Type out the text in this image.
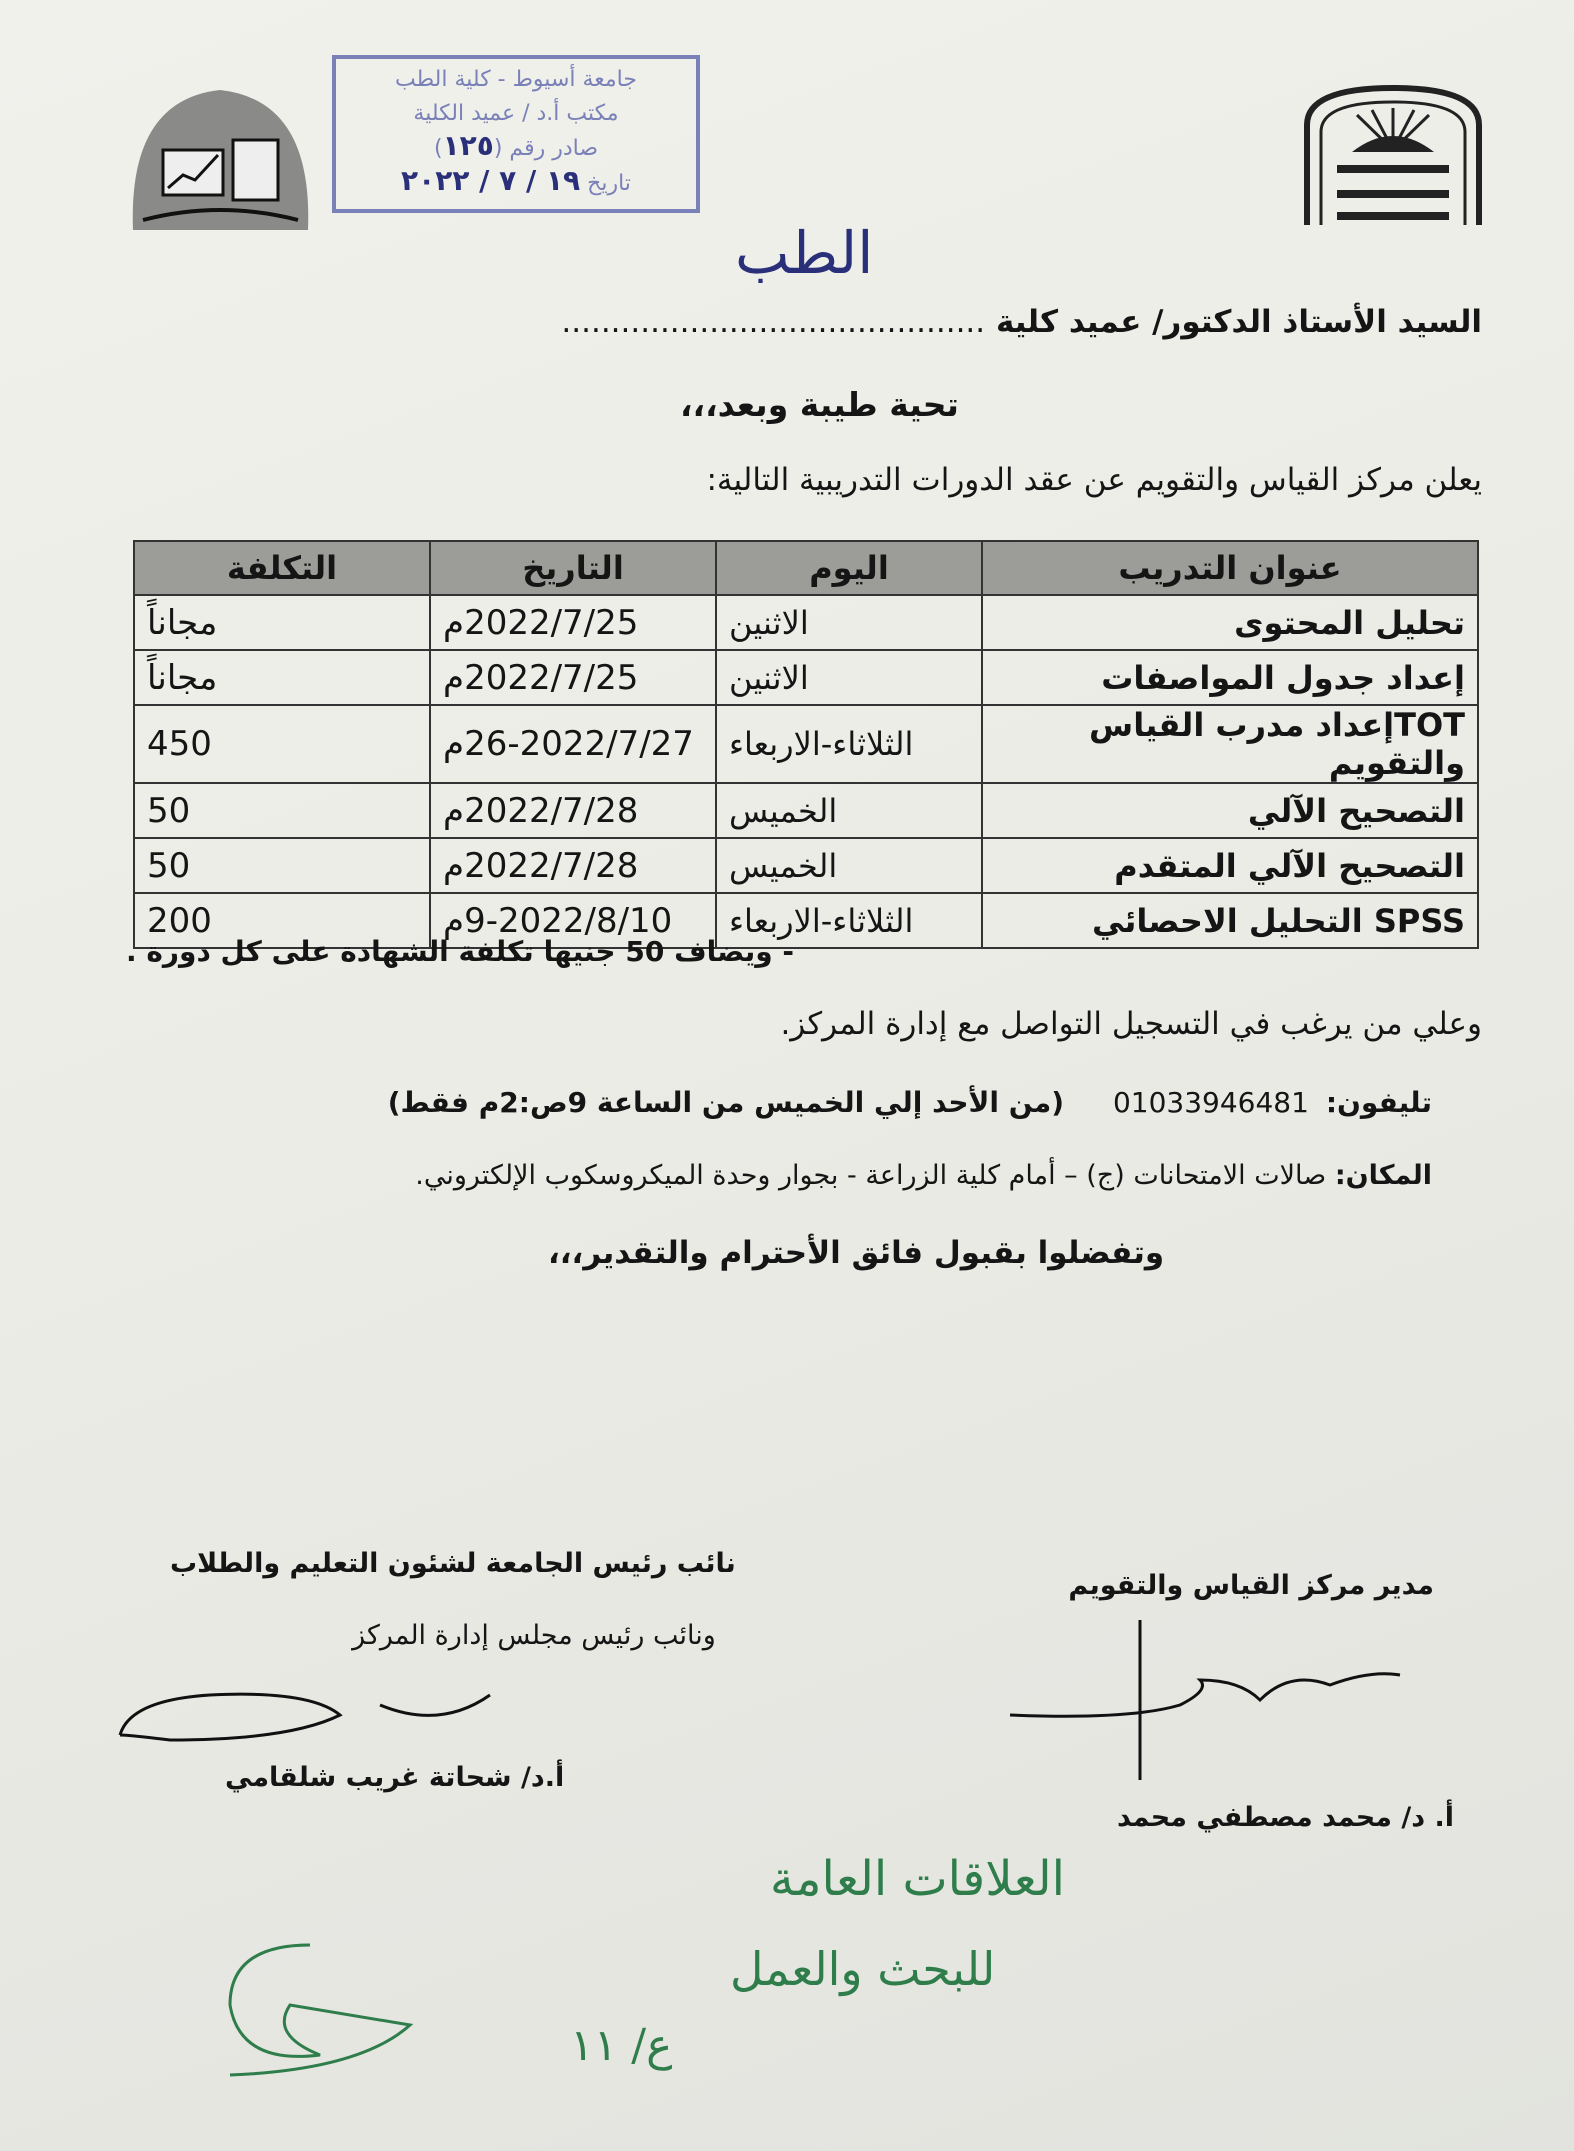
جامعة أسيوط - كلية الطب
مكتب أ.د / عميد الكلية
صادر رقم (١٢٥)
تاريخ ١٩ / ٧ / ٢٠٢٢
السيد الأستاذ الدكتور/ عميد كلية ...........................................
الطب
تحية طيبة وبعد،،،
يعلن مركز القياس والتقويم عن عقد الدورات التدريبية التالية:
عنوان التدريب	اليوم	التاريخ	التكلفة
تحليل المحتوى	الاثنين	2022/7/25م	مجاناً
إعداد جدول المواصفات	الاثنين	2022/7/25م	مجاناً
TOTإعداد مدرب القياس والتقويم	الثلاثاء-الاربعاء	26-2022/7/27م	450
التصحيح الآلي	الخميس	2022/7/28م	50
التصحيح الآلي المتقدم	الخميس	2022/7/28م	50
SPSS التحليل الاحصائي	الثلاثاء-الاربعاء	9-2022/8/10م	200
- ويضاف 50 جنيها تكلفة الشهادة على كل دورة .
وعلي من يرغب في التسجيل التواصل مع إدارة المركز.
تليفون: 01033946481 (من الأحد إلي الخميس من الساعة 9ص:2م فقط)
المكان: صالات الامتحانات (ج) – أمام كلية الزراعة - بجوار وحدة الميكروسكوب الإلكتروني.
وتفضلوا بقبول فائق الأحترام والتقدير،،،
مدير مركز القياس والتقويم
أ. د/ محمد مصطفي محمد
نائب رئيس الجامعة لشئون التعليم والطلاب
ونائب رئيس مجلس إدارة المركز
أ.د/ شحاتة غريب شلقامي
العلاقات العامة
للبحث والعمل
ع/ ١١
